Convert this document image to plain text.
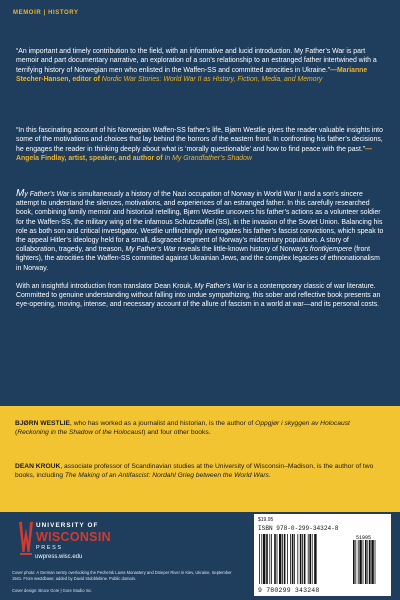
MEMOIR | HISTORY
“An important and timely contribution to the field, with an informative and lucid introduction. My Father’s War is part memoir and part documentary narrative, an exploration of a son’s relationship to an estranged father intertwined with a terrifying history of Norwegian men who enlisted in the Waffen-SS and committed atrocities in Ukraine.”—Marianne Stecher-Hansen, editor of Nordic War Stories: World War II as History, Fiction, Media, and Memory
“In this fascinating account of his Norwegian Waffen-SS father’s life, Bjørn Westlie gives the reader valuable insights into some of the motivations and choices that lay behind the horrors of the eastern front. In confronting his father’s decisions, he engages the reader in thinking deeply about what is ‘morally questionable’ and how to find peace with the past.”—Angela Findlay, artist, speaker, and author of In My Grandfather’s Shadow

My Father’s War is simultaneously a history of the Nazi occupation of Norway in World War II and a son’s sincere attempt to understand the silences, motivations, and experiences of an estranged father. In this carefully researched book, combining family memoir and historical retelling, Bjørn Westlie uncovers his father’s actions as a volunteer soldier for the Waffen-SS, the military wing of the infamous Schutzstaffel (SS), in the invasion of the Soviet Union. Balancing his role as both son and critical investigator, Westlie unflinchingly interrogates his father’s fascist convictions, which speak to the appeal Hitler’s ideology held for a small, disgraced segment of Norway’s midcentury population. A story of collaboration, tragedy, and treason, My Father’s War reveals the little-known history of Norway’s frontkjempere (front fighters), the atrocities the Waffen-SS committed against Ukrainian Jews, and the complex legacies of ethnonationalism in Norway.

With an insightful introduction from translator Dean Krouk, My Father’s War is a contemporary classic of war literature. Committed to genuine understanding without falling into undue sympathizing, this sober and reflective book presents an eye-opening, moving, intense, and necessary account of the allure of fascism in a world at war—and its personal costs.

BJØRN WESTLIE, who has worked as a journalist and historian, is the author of Oppgjør i skyggen av Holocaust (Reckoning in the Shadow of the Holocaust) and four other books.
DEAN KROUK, associate professor of Scandinavian studies at the University of Wisconsin–Madison, is the author of two books, including The Making of an Antifascist: Nordahl Grieg between the World Wars.
UNIVERSITY OF
WISCONSIN
PRESS
uwpress.wisc.edu
Cover photo: A German sentry overlooking the Pechersk Lavra Monastery and Dnieper River in Kiev, Ukraine, September 1941. From ww2dbase; added by David Stubblebine. Public domain.
Cover design: Bruce Gore | Gore Studio Inc.
$19.95
ISBN 978-0-299-34324-8
51995
9 780299 343248
